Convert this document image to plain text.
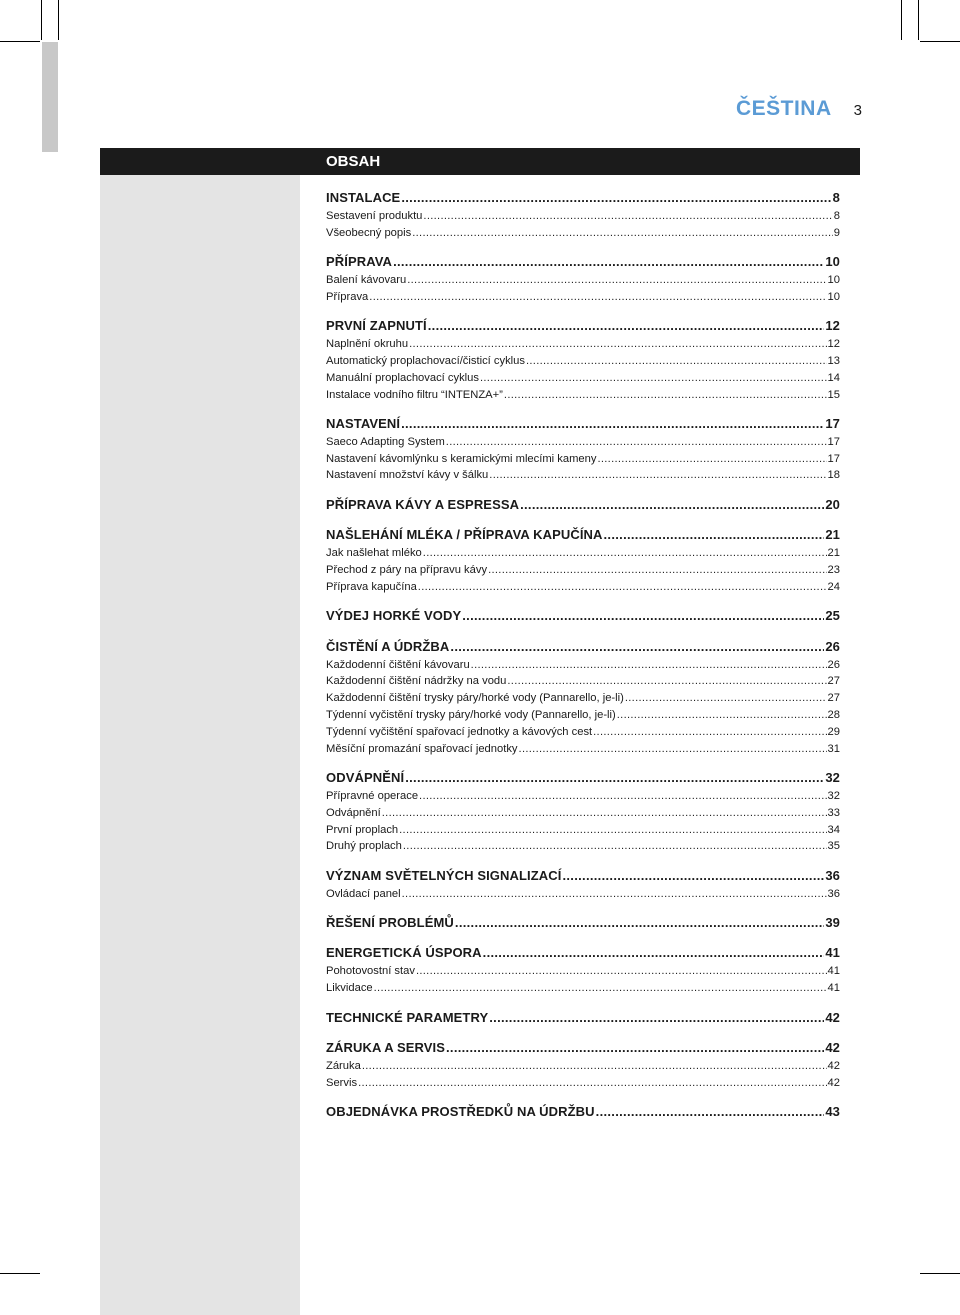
ČEŠTINA 3
OBSAH
INSTALACE .....	8
Sestavení produktu .....	8
Všeobecný popis .....	9
PŘÍPRAVA .....	10
Balení kávovaru .....	10
Příprava .....	10
PRVNÍ ZAPNUTÍ .....	12
Naplnění okruhu .....	12
Automatický proplachovací/čisticí cyklus .....	13
Manuální proplachovací cyklus .....	14
Instalace vodního filtru “INTENZA+” .....	15
NASTAVENÍ .....	17
Saeco Adapting System .....	17
Nastavení kávomlýnku s keramickými mlecími kameny .....	17
Nastavení množství kávy v šálku .....	18
PŘÍPRAVA KÁVY A ESPRESSA .....	20
NAŠLEHÁNÍ MLÉKA / PŘÍPRAVA KAPUČÍNA .....	21
Jak našlehat mléko .....	21
Přechod z páry na přípravu kávy .....	23
Příprava kapučína .....	24
VÝDEJ HORKÉ VODY .....	25
ČISTĚNÍ A ÚDRŽBA .....	26
Každodenní čištění kávovaru .....	26
Každodenní čištění nádržky na vodu .....	27
Každodenní čištění trysky páry/horké vody (Pannarello, je-li) .....	27
Týdenní vyčistění trysky páry/horké vody (Pannarello, je-li) .....	28
Týdenní vyčištění spařovací jednotky a kávových cest .....	29
Měsíční promazání spařovací jednotky .....	31
ODVÁPNĚNÍ .....	32
Přípravné operace .....	32
Odvápnění .....	33
První proplach .....	34
Druhý proplach .....	35
VÝZNAM SVĚTELNÝCH SIGNALIZACÍ .....	36
Ovládací panel .....	36
ŘEŠENÍ PROBLÉMŮ .....	39
ENERGETICKÁ ÚSPORA .....	41
Pohotovostní stav .....	41
Likvidace .....	41
TECHNICKÉ PARAMETRY .....	42
ZÁRUKA A SERVIS .....	42
Záruka .....	42
Servis .....	42
OBJEDNÁVKA PROSTŘEDKŮ NA ÚDRŽBU .....	43
